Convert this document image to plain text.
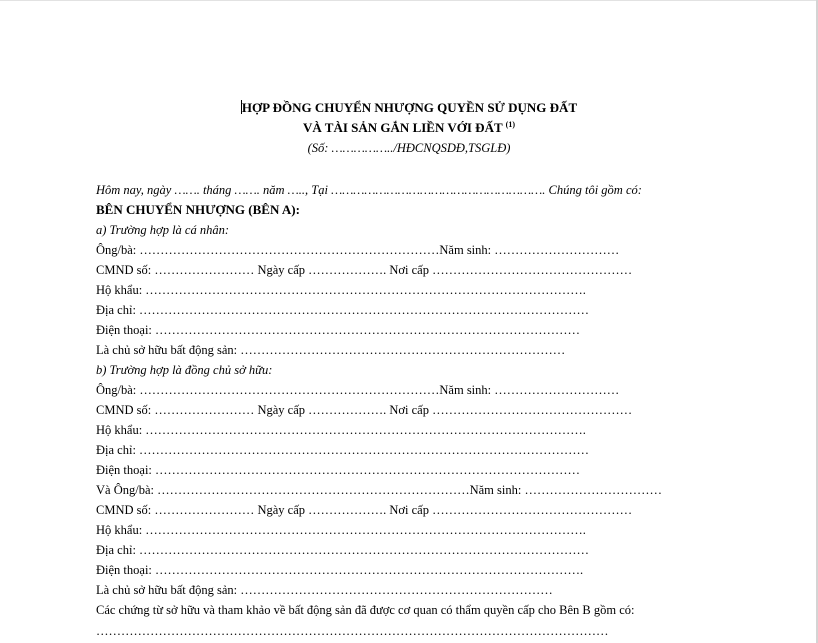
HỢP ĐỒNG CHUYỂN NHƯỢNG QUYỀN SỬ DỤNG ĐẤT
VÀ TÀI SẢN GẮN LIỀN VỚI ĐẤT $^{(1)}$
(Số: ……………../HĐCNQSDĐ,TSGLĐ)
Hôm nay, ngày ……. tháng ……. năm ….., Tại …………………………………………………. Chúng tôi gồm có:
BÊN CHUYỂN NHƯỢNG (BÊN A):
a) Trường hợp là cá nhân:
Ông/bà: ………………………………………………………………Năm sinh: …………………………
CMND số: …………………… Ngày cấp ………………. Nơi cấp …………………………………………
Hộ khẩu: …………………………………………………………………………………………….
Địa chỉ: ………………………………………………………………………………………………
Điện thoại: …………………………………………………………………………………………
Là chủ sở hữu bất động sản: ……………………………………………………………………
b) Trường hợp là đồng chủ sở hữu:
Ông/bà: ………………………………………………………………Năm sinh: …………………………
CMND số: …………………… Ngày cấp ………………. Nơi cấp …………………………………………
Hộ khẩu: …………………………………………………………………………………………….
Địa chỉ: ………………………………………………………………………………………………
Điện thoại: …………………………………………………………………………………………
Và Ông/bà: …………………………………………………………………Năm sinh: ……………………………
CMND số: …………………… Ngày cấp ………………. Nơi cấp …………………………………………
Hộ khẩu: …………………………………………………………………………………………….
Địa chỉ: ………………………………………………………………………………………………
Điện thoại: ………………………………………………………………………………………….
Là chủ sở hữu bất động sản: …………………………………………………………………
Các chứng từ sở hữu và tham khảo về bất động sản đã được cơ quan có thẩm quyền cấp cho Bên B gồm có:
……………………………………………………………………………………………………………
